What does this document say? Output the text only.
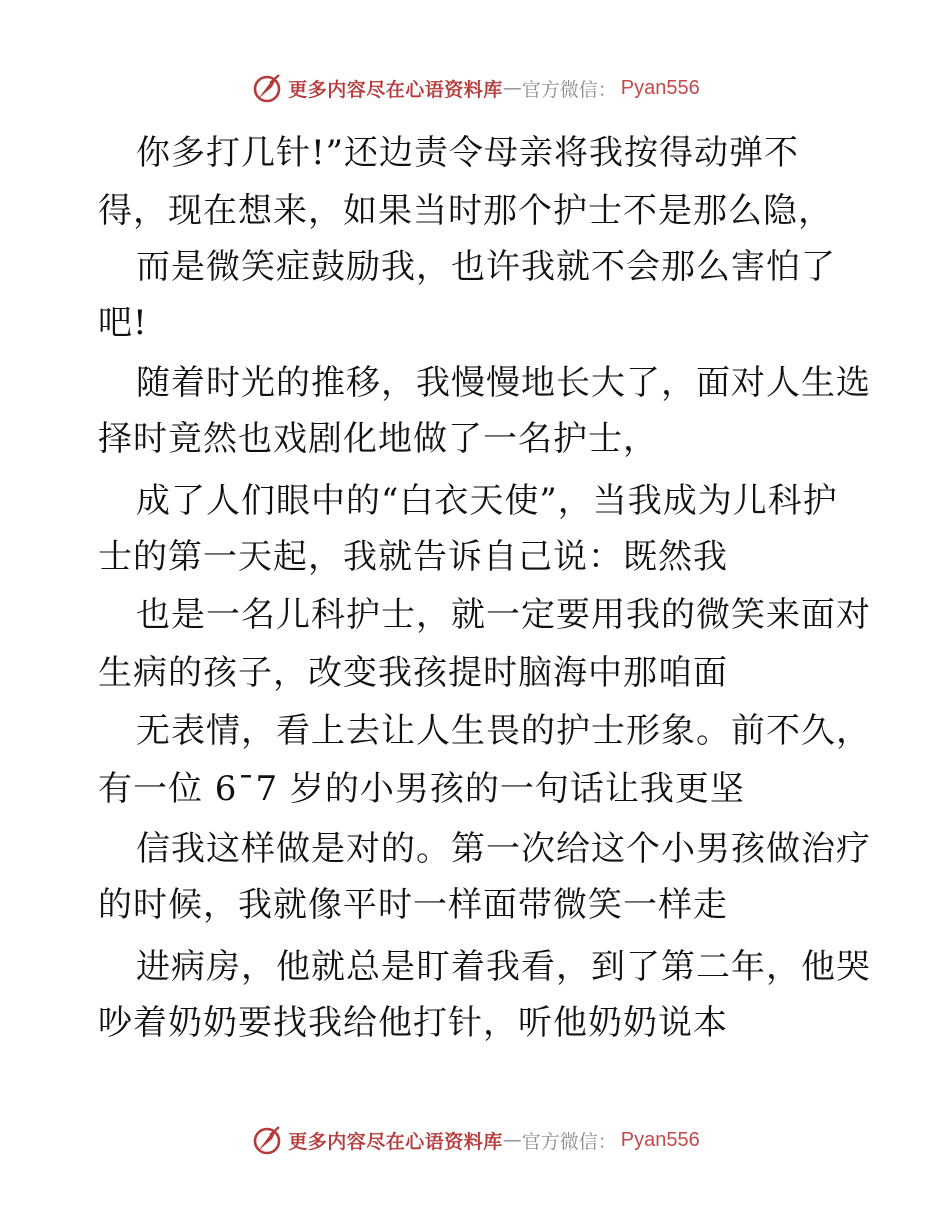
更多内容尽在心语资料库 — 官方微信： Pyan556
你多打几针!”还边责令母亲将我按得动弹不
得，现在想来，如果当时那个护士不是那么隐，
而是微笑症鼓励我，也许我就不会那么害怕了
吧!
随着时光的推移，我慢慢地长大了，面对人生选
择时竟然也戏剧化地做了一名护士，
成了人们眼中的“白衣天使”，当我成为儿科护
士的第一天起，我就告诉自己说：既然我
也是一名儿科护士，就一定要用我的微笑来面对
生病的孩子，改变我孩提时脑海中那咱面
无表情，看上去让人生畏的护士形象。前不久，
有一位 6¯7 岁的小男孩的一句话让我更坚
信我这样做是对的。第一次给这个小男孩做治疗
的时候，我就像平时一样面带微笑一样走
进病房，他就总是盯着我看，到了第二年，他哭
吵着奶奶要找我给他打针，听他奶奶说本
更多内容尽在心语资料库 — 官方微信： Pyan556
